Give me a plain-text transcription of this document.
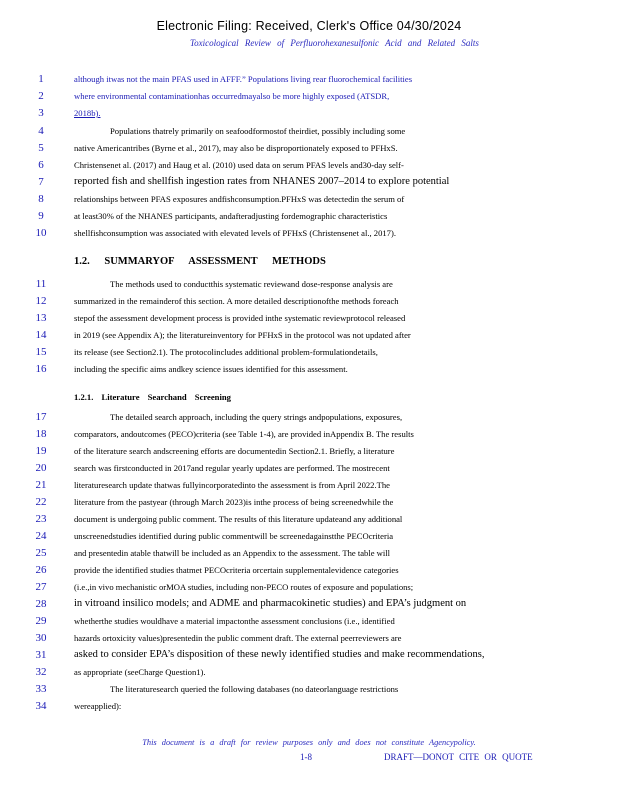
Electronic Filing: Received, Clerk's Office 04/30/2024
Toxicological Review of Perfluorohexanesulfonic Acid and Related Salts
1	although itwas not the main PFAS used in AFFF.” Populations living rear fluorochemical facilities
2	where environmental contaminationhas occurredmayalso be more highly exposed (ATSDR,
3	2018b).
4	Populations thatrely primarily on seafoodformostof theirdiet, possibly including some
5	native Americantribes (Byrne et al., 2017), may also be disproportionately exposed to PFHxS.
6	Christensenet al. (2017) and Haug et al. (2010) used data on serum PFAS levels and30-day self-
7	reported fish and shellfish ingestion rates from NHANES 2007–2014 to explore potential
8	relationships between PFAS exposures andfishconsumption.PFHxS was detectedin the serum of
9	at least30% of the NHANES participants, andafteradjusting fordemographic characteristics
10	shellfishconsumption was associated with elevated levels of PFHxS (Christensenet al., 2017).
1.2. SUMMARYOF ASSESSMENT METHODS
11	The methods used to conductthis systematic reviewand dose-response analysis are
12	summarized in the remainderof this section. A more detailed descriptionofthe methods foreach
13	stepof the assessment development process is provided inthe systematic reviewprotocol released
14	in 2019 (see Appendix A); the literatureinventory for PFHxS in the protocol was not updated after
15	its release (see Section2.1). The protocolincludes additional problem-formulationdetails,
16	including the specific aims andkey science issues identified for this assessment.
1.2.1. Literature Searchand Screening
17	The detailed search approach, including the query strings andpopulations, exposures,
18	comparators, andoutcomes (PECO)criteria (see Table 1-4), are provided inAppendix B. The results
19	of the literature search andscreening efforts are documentedin Section2.1. Briefly, a literature
20	search was firstconducted in 2017and regular yearly updates are performed. The mostrecent
21	literaturesearch update thatwas fullyincorporatedinto the assessment is from April 2022.The
22	literature from the pastyear (through March 2023)is inthe process of being screenedwhile the
23	document is undergoing public comment. The results of this literature updateand any additional
24	unscreenedstudies identified during public commentwill be screenedagainstthe PECOcriteria
25	and presentedin atable thatwill be included as an Appendix to the assessment. The table will
26	provide the identified studies thatmet PECOcriteria orcertain supplementalevidence categories
27	(i.e.,in vivo mechanistic orMOA studies, including non-PECO routes of exposure and populations;
28	in vitroand insilico models; and ADME and pharmacokinetic studies) and EPA’s judgment on
29	whetherthe studies wouldhave a material impactonthe assessment conclusions (i.e., identified
30	hazards ortoxicity values)presentedin the public comment draft. The external peerreviewers are
31	asked to consider EPA’s disposition of these newly identified studies and make recommendations,
32	as appropriate (seeCharge Question1).
33	The literaturesearch queried the following databases (no dateorlanguage restrictions
34	wereapplied):
This document is a draft for review purposes only and does not constitute Agencypolicy.
1-8	DRAFT—DONOT CITE OR QUOTE
